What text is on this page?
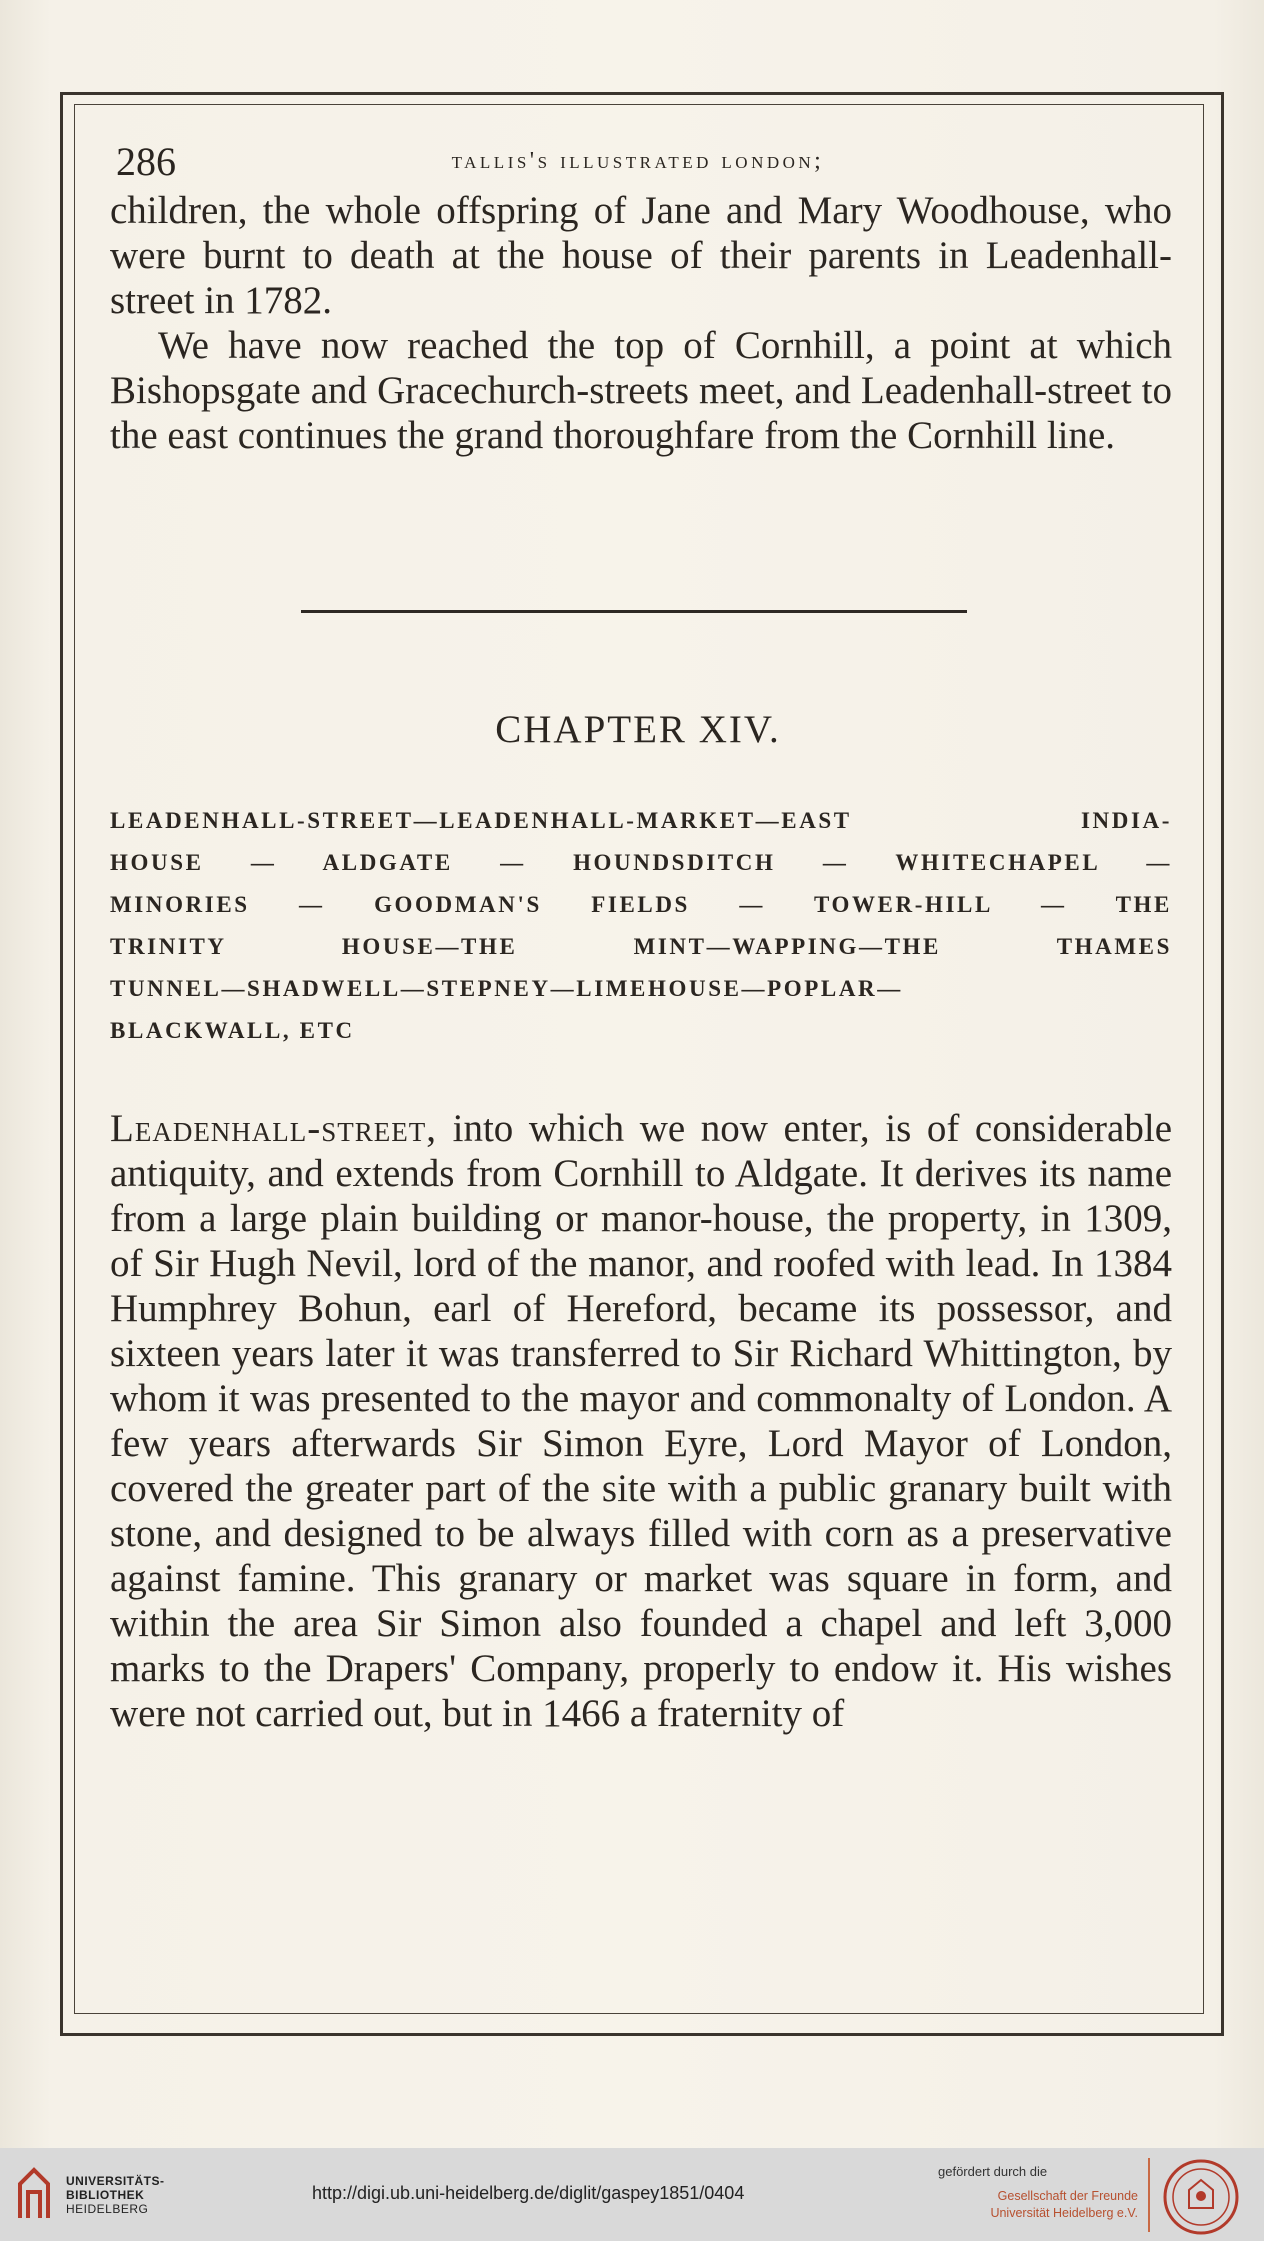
286	tallis's illustrated london;

children, the whole offspring of Jane and Mary Woodhouse, who were burnt to death at the house of their parents in Leadenhall-street in 1782.

We have now reached the top of Cornhill, a point at which Bishopsgate and Gracechurch-streets meet, and Leadenhall-street to the east continues the grand thoroughfare from the Cornhill line.

CHAPTER XIV.
LEADENHALL-STREET—LEADENHALL-MARKET—EAST INDIA-
HOUSE — ALDGATE — HOUNDSDITCH — WHITECHAPEL —
MINORIES — GOODMAN'S FIELDS — TOWER-HILL — THE
TRINITY HOUSE—THE MINT—WAPPING—THE THAMES
TUNNEL—SHADWELL—STEPNEY—LIMEHOUSE—POPLAR—
BLACKWALL, ETC

Leadenhall-street, into which we now enter, is of considerable antiquity, and extends from Cornhill to Aldgate. It derives its name from a large plain building or manor-house, the property, in 1309, of Sir Hugh Nevil, lord of the manor, and roofed with lead. In 1384 Humphrey Bohun, earl of Hereford, became its possessor, and sixteen years later it was transferred to Sir Richard Whittington, by whom it was presented to the mayor and commonalty of London. A few years afterwards Sir Simon Eyre, Lord Mayor of London, covered the greater part of the site with a public granary built with stone, and designed to be always filled with corn as a preservative against famine. This granary or market was square in form, and within the area Sir Simon also founded a chapel and left 3,000 marks to the Drapers' Company, properly to endow it. His wishes were not carried out, but in 1466 a fraternity of

UNIVERSITÄTS-
BIBLIOTHEK
HEIDELBERG
http://digi.ub.uni-heidelberg.de/diglit/gaspey1851/0404
gefördert durch die
Gesellschaft der Freunde
Universität Heidelberg e.V.
